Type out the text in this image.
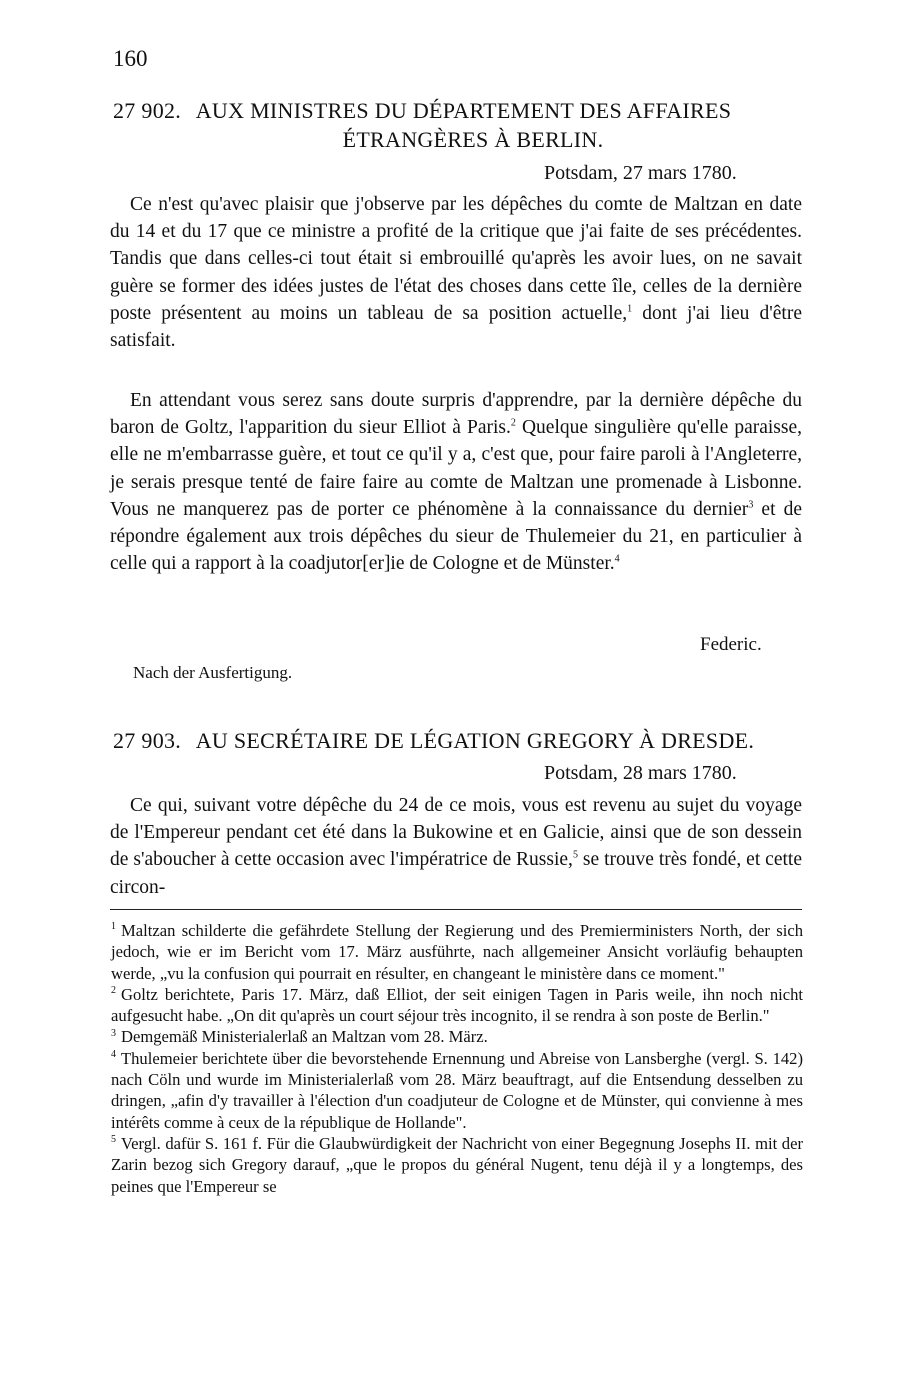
160
27 902. AUX MINISTRES DU DÉPARTEMENT DES AFFAIRES
ÉTRANGÈRES À BERLIN.
Potsdam, 27 mars 1780.
Ce n'est qu'avec plaisir que j'observe par les dépêches du comte de Maltzan en date du 14 et du 17 que ce ministre a profité de la critique que j'ai faite de ses précédentes. Tandis que dans celles-ci tout était si embrouillé qu'après les avoir lues, on ne savait guère se former des idées justes de l'état des choses dans cette île, celles de la dernière poste présentent au moins un tableau de sa position actuelle,$^1$ dont j'ai lieu d'être satisfait.
En attendant vous serez sans doute surpris d'apprendre, par la dernière dépêche du baron de Goltz, l'apparition du sieur Elliot à Paris.$^2$ Quelque singulière qu'elle paraisse, elle ne m'embarrasse guère, et tout ce qu'il y a, c'est que, pour faire paroli à l'Angleterre, je serais presque tenté de faire faire au comte de Maltzan une promenade à Lisbonne. Vous ne manquerez pas de porter ce phénomène à la connaissance du dernier$^3$ et de répondre également aux trois dépêches du sieur de Thulemeier du 21, en particulier à celle qui a rapport à la coadjutor[er]ie de Cologne et de Münster.$^4$
Federic.
Nach der Ausfertigung.
27 903. AU SECRÉTAIRE DE LÉGATION GREGORY À DRESDE.
Potsdam, 28 mars 1780.
Ce qui, suivant votre dépêche du 24 de ce mois, vous est revenu au sujet du voyage de l'Empereur pendant cet été dans la Bukowine et en Galicie, ainsi que de son dessein de s'aboucher à cette occasion avec l'impératrice de Russie,$^5$ se trouve très fondé, et cette circon-

$^1$ Maltzan schilderte die gefährdete Stellung der Regierung und des Premierministers North, der sich jedoch, wie er im Bericht vom 17. März ausführte, nach allgemeiner Ansicht vorläufig behaupten werde, „vu la confusion qui pourrait en résulter, en changeant le ministère dans ce moment."

$^2$ Goltz berichtete, Paris 17. März, daß Elliot, der seit einigen Tagen in Paris weile, ihn noch nicht aufgesucht habe. „On dit qu'après un court séjour très incognito, il se rendra à son poste de Berlin."

$^3$ Demgemäß Ministerialerlaß an Maltzan vom 28. März.

$^4$ Thulemeier berichtete über die bevorstehende Ernennung und Abreise von Lansberghe (vergl. S. 142) nach Cöln und wurde im Ministerialerlaß vom 28. März beauftragt, auf die Entsendung desselben zu dringen, „afin d'y travailler à l'élection d'un coadjuteur de Cologne et de Münster, qui convienne à mes intérêts comme à ceux de la république de Hollande".

$^5$ Vergl. dafür S. 161 f. Für die Glaubwürdigkeit der Nachricht von einer Begegnung Josephs II. mit der Zarin bezog sich Gregory darauf, „que le propos du général Nugent, tenu déjà il y a longtemps, des peines que l'Empereur se
